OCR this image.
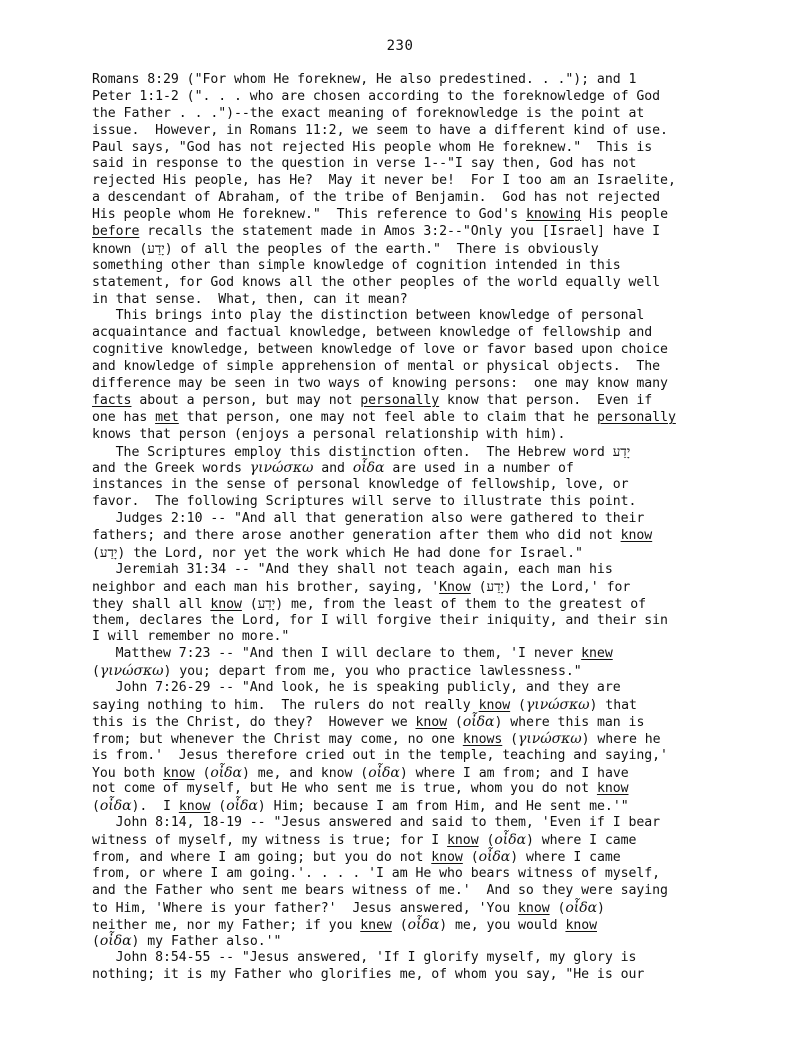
230
Romans 8:29 ("For whom He foreknew, He also predestined. . ."); and 1
Peter 1:1-2 (". . . who are chosen according to the foreknowledge of God
the Father . . .")--the exact meaning of foreknowledge is the point at
issue.  However, in Romans 11:2, we seem to have a different kind of use.
Paul says, "God has not rejected His people whom He foreknew."  This is
said in response to the question in verse 1--"I say then, God has not
rejected His people, has He?  May it never be!  For I too am an Israelite,
a descendant of Abraham, of the tribe of Benjamin.  God has not rejected
His people whom He foreknew."  This reference to God's knowing His people
before recalls the statement made in Amos 3:2--"Only you [Israel] have I
known (יָדַע) of all the peoples of the earth."  There is obviously
something other than simple knowledge of cognition intended in this
statement, for God knows all the other peoples of the world equally well
in that sense.  What, then, can it mean?
This brings into play the distinction between knowledge of personal
acquaintance and factual knowledge, between knowledge of fellowship and
cognitive knowledge, between knowledge of love or favor based upon choice
and knowledge of simple apprehension of mental or physical objects.  The
difference may be seen in two ways of knowing persons:  one may know many
facts about a person, but may not personally know that person.  Even if
one has met that person, one may not feel able to claim that he personally
knows that person (enjoys a personal relationship with him).
The Scriptures employ this distinction often.  The Hebrew word יָדַע
and the Greek words γινώσκω and οἶδα are used in a number of
instances in the sense of personal knowledge of fellowship, love, or
favor.  The following Scriptures will serve to illustrate this point.
Judges 2:10 -- "And all that generation also were gathered to their
fathers; and there arose another generation after them who did not know
(יָדַע) the Lord, nor yet the work which He had done for Israel."
Jeremiah 31:34 -- "And they shall not teach again, each man his
neighbor and each man his brother, saying, 'Know (יָדַע) the Lord,' for
they shall all know (יָדַע) me, from the least of them to the greatest of
them, declares the Lord, for I will forgive their iniquity, and their sin
I will remember no more."
Matthew 7:23 -- "And then I will declare to them, 'I never knew
(γινώσκω) you; depart from me, you who practice lawlessness."
John 7:26-29 -- "And look, he is speaking publicly, and they are
saying nothing to him.  The rulers do not really know (γινώσκω) that
this is the Christ, do they?  However we know (οἶδα) where this man is
from; but whenever the Christ may come, no one knows (γινώσκω) where he
is from.'  Jesus therefore cried out in the temple, teaching and saying,'
You both know (οἶδα) me, and know (οἶδα) where I am from; and I have
not come of myself, but He who sent me is true, whom you do not know
(οἶδα).  I know (οἶδα) Him; because I am from Him, and He sent me.'"
John 8:14, 18-19 -- "Jesus answered and said to them, 'Even if I bear
witness of myself, my witness is true; for I know (οἶδα) where I came
from, and where I am going; but you do not know (οἶδα) where I came
from, or where I am going.'. . . . 'I am He who bears witness of myself,
and the Father who sent me bears witness of me.'  And so they were saying
to Him, 'Where is your father?'  Jesus answered, 'You know (οἶδα)
neither me, nor my Father; if you knew (οἶδα) me, you would know
(οἶδα) my Father also.'"
John 8:54-55 -- "Jesus answered, 'If I glorify myself, my glory is
nothing; it is my Father who glorifies me, of whom you say, "He is our
